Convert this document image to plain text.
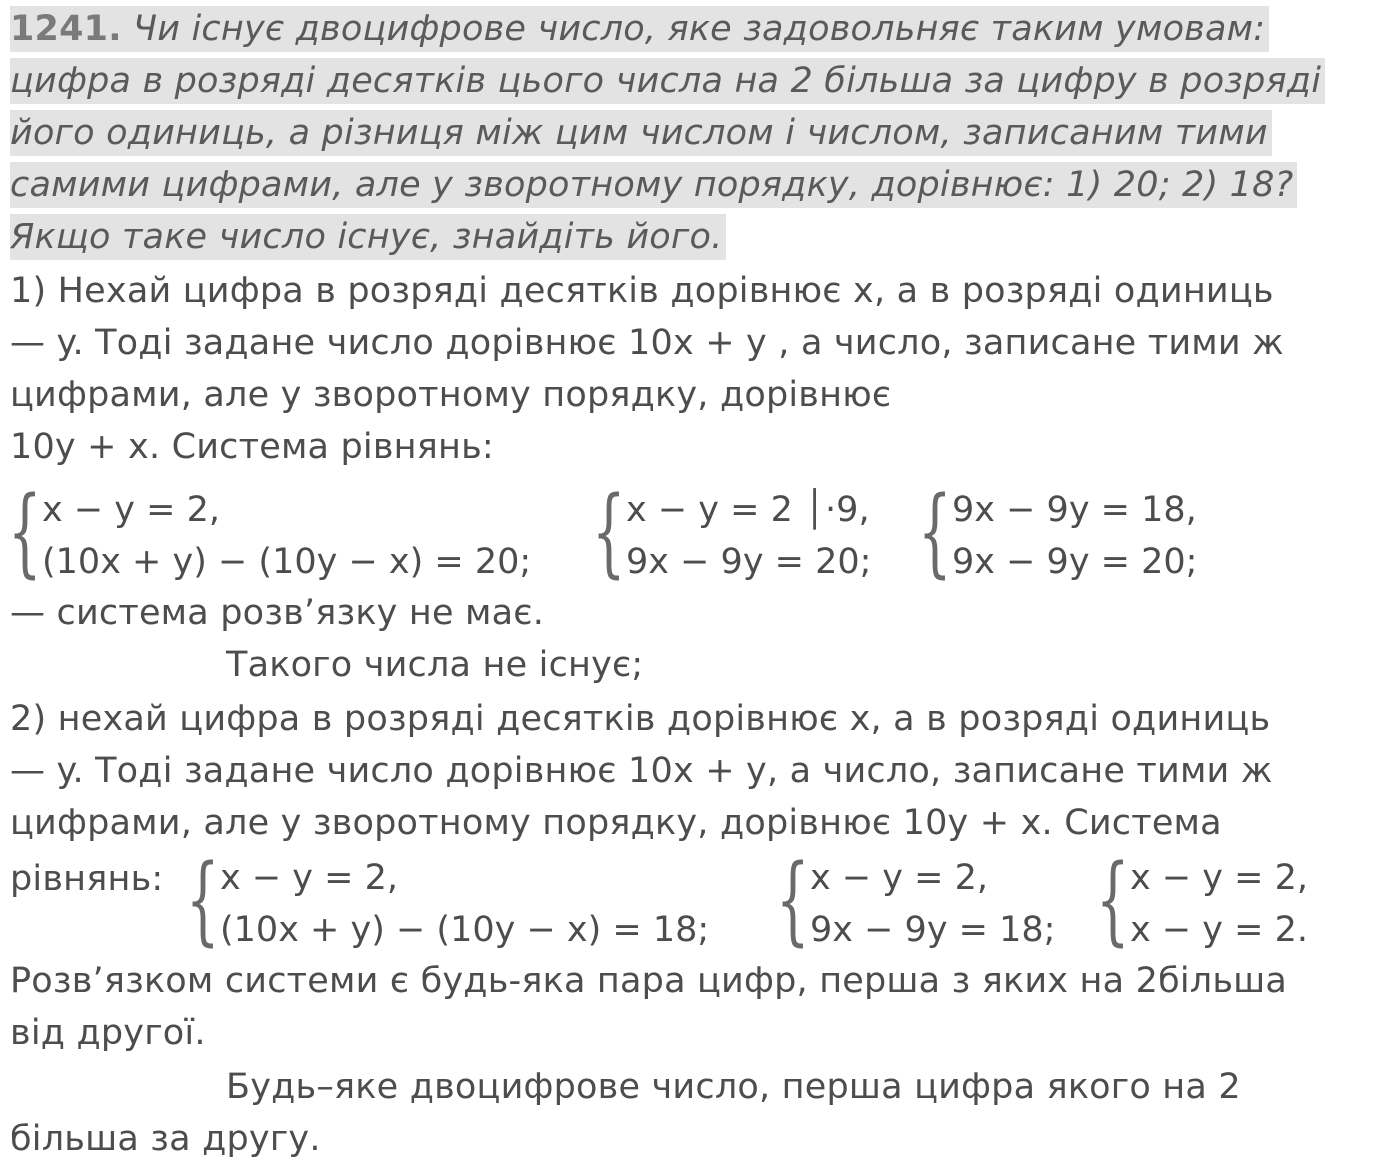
1241. Чи існує двоцифрове число, яке задовольняє таким умовам:
цифра в розряді десятків цього числа на 2 більша за цифру в розряді
його одиниць, а різниця між цим числом і числом, записаним тими
самими цифрами, але у зворотному порядку, дорівнює: 1) 20; 2) 18?
Якщо таке число існує, знайдіть його.
1) Нехай цифра в розряді десятків дорівнює x, а в розряді одиниць
— y. Тоді задане число дорівнює 10x + y , а число, записане тими ж
цифрами, але у зворотному порядку, дорівнює
10y + x. Система рівнянь:
{ x − y = 2,
(10x + y) − (10y − x) = 20; { x − y = 2 │·9,
9x − 9y = 20; { 9x − 9y = 18,
9x − 9y = 20;
— система розв’язку не має.
Такого числа не існує;
2) нехай цифра в розряді десятків дорівнює x, а в розряді одиниць
— y. Тоді задане число дорівнює 10x + y, а число, записане тими ж
цифрами, але у зворотному порядку, дорівнює 10y + x. Система
рівнянь: { x − y = 2,
(10x + y) − (10y − x) = 18; { x − y = 2,
9x − 9y = 18; { x − y = 2,
x − y = 2.
Розв’язком системи є будь-яка пара цифр, перша з яких на 2більша
від другої.
Будь–яке двоцифрове число, перша цифра якого на 2
більша за другу.
